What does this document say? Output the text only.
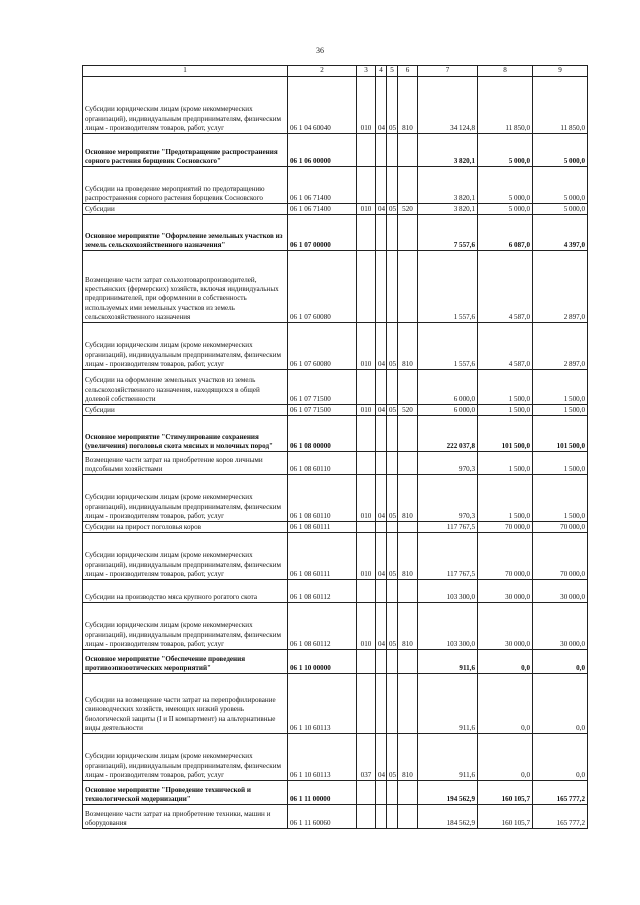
36
1	2	3	4	5	6	7	8	9
Субсидии юридическим лицам (кроме некоммерческих организаций), индивидуальным предпринимателям, физическим лицам - производителям товаров, работ, услуг	06 1 04 60040	010	04	05	810	34 124,8	11 850,0	11 850,0
Основное мероприятие "Предотвращение распространения сорного растения борщевик Сосновского"	06 1 06 00000					3 820,1	5 000,0	5 000,0
Субсидии на проведение мероприятий по предотвращению распространения сорного растения борщевик Сосновского	06 1 06 71400					3 820,1	5 000,0	5 000,0
Субсидии	06 1 06 71400	010	04	05	520	3 820,1	5 000,0	5 000,0
Основное мероприятие "Оформление земельных участков из земель сельскохозяйственного назначения"	06 1 07 00000					7 557,6	6 087,0	4 397,0
Возмещение части затрат сельхозтоваропроизводителей, крестьянских (фермерских) хозяйств, включая индивидуальных предпринимателей, при оформлении в собственность используемых ими земельных участков из земель сельскохозяйственного назначения	06 1 07 60080					1 557,6	4 587,0	2 897,0
Субсидии юридическим лицам (кроме некоммерческих организаций), индивидуальным предпринимателям, физическим лицам - производителям товаров, работ, услуг	06 1 07 60080	010	04	05	810	1 557,6	4 587,0	2 897,0
Субсидии на оформление земельных участков из земель сельскохозяйственного назначения, находящихся в общей долевой собственности	06 1 07 71500					6 000,0	1 500,0	1 500,0
Субсидии	06 1 07 71500	010	04	05	520	6 000,0	1 500,0	1 500,0
Основное мероприятие "Стимулирование сохранения (увеличения) поголовья скота мясных и молочных пород"	06 1 08 00000					222 037,8	101 500,0	101 500,0
Возмещение части затрат на приобретение коров личными подсобными хозяйствами	06 1 08 60110					970,3	1 500,0	1 500,0
Субсидии юридическим лицам (кроме некоммерческих организаций), индивидуальным предпринимателям, физическим лицам - производителям товаров, работ, услуг	06 1 08 60110	010	04	05	810	970,3	1 500,0	1 500,0
Субсидии на прирост поголовья коров	06 1 08 60111					117 767,5	70 000,0	70 000,0
Субсидии юридическим лицам (кроме некоммерческих организаций), индивидуальным предпринимателям, физическим лицам - производителям товаров, работ, услуг	06 1 08 60111	010	04	05	810	117 767,5	70 000,0	70 000,0
Субсидии на производство мяса крупного рогатого скота	06 1 08 60112					103 300,0	30 000,0	30 000,0
Субсидии юридическим лицам (кроме некоммерческих организаций), индивидуальным предпринимателям, физическим лицам - производителям товаров, работ, услуг	06 1 08 60112	010	04	05	810	103 300,0	30 000,0	30 000,0
Основное мероприятие "Обеспечение проведения противоэпизоотических мероприятий"	06 1 10 00000					911,6	0,0	0,0
Субсидии на возмещение части затрат на перепрофилирование свиноводческих хозяйств, имеющих низкий уровень биологической защиты (I и II компартмент) на альтернативные виды деятельности	06 1 10 60113					911,6	0,0	0,0
Субсидии юридическим лицам (кроме некоммерческих организаций), индивидуальным предпринимателям, физическим лицам - производителям товаров, работ, услуг	06 1 10 60113	037	04	05	810	911,6	0,0	0,0
Основное мероприятие "Проведение технической и технологической модернизации"	06 1 11 00000					194 562,9	160 105,7	165 777,2
Возмещение части затрат на приобретение техники, машин и оборудования	06 1 11 60060					184 562,9	160 105,7	165 777,2
